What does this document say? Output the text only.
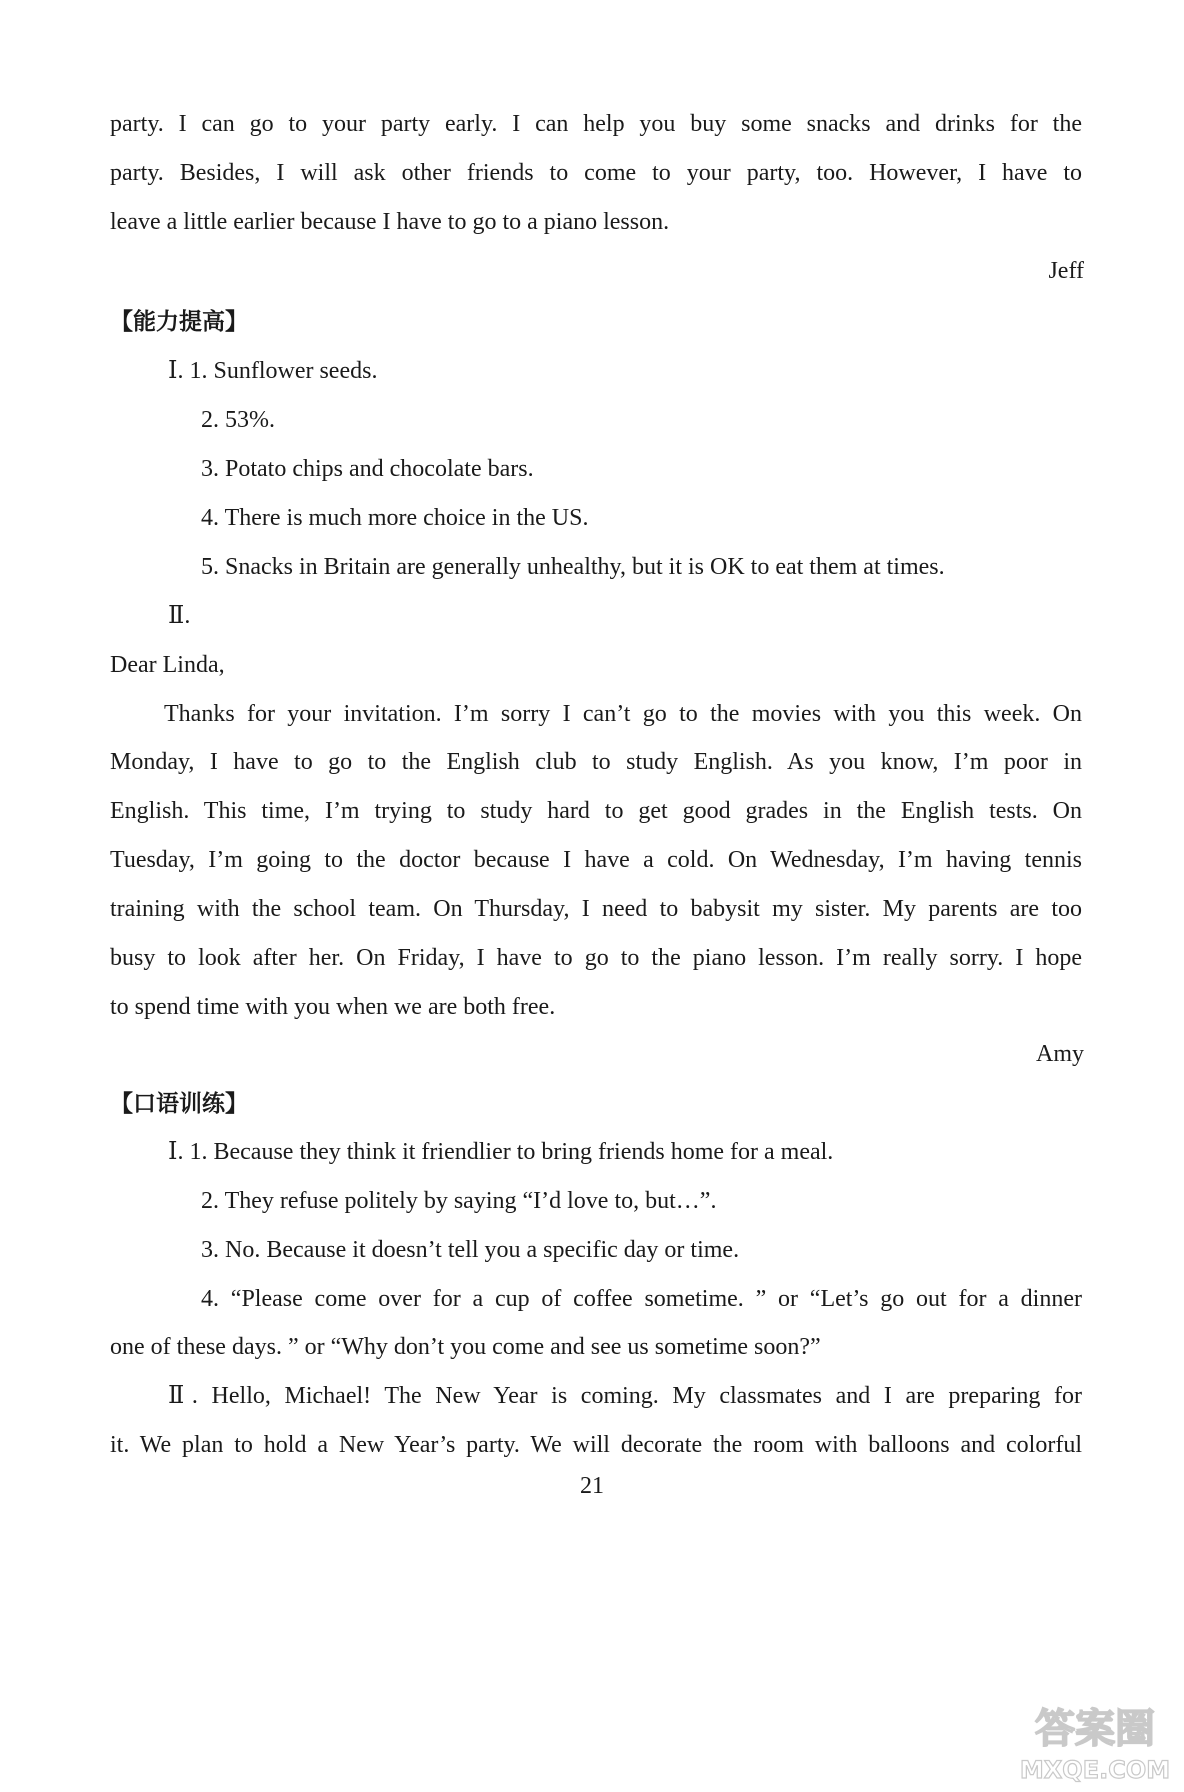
party. I can go to your party early. I can help you buy some snacks and drinks for the
party. Besides, I will ask other friends to come to your party, too. However, I have to
leave a little earlier because I have to go to a piano lesson.
Jeff
【能力提高】
Ⅰ. 1. Sunflower seeds.
2. 53%.
3. Potato chips and chocolate bars.
4. There is much more choice in the US.
5. Snacks in Britain are generally unhealthy, but it is OK to eat them at times.
Ⅱ.
Dear Linda,
Thanks for your invitation. I’m sorry I can’t go to the movies with you this week. On
Monday, I have to go to the English club to study English. As you know, I’m poor in
English. This time, I’m trying to study hard to get good grades in the English tests. On
Tuesday, I’m going to the doctor because I have a cold. On Wednesday, I’m having tennis
training with the school team. On Thursday, I need to babysit my sister. My parents are too
busy to look after her. On Friday, I have to go to the piano lesson. I’m really sorry. I hope
to spend time with you when we are both free.
Amy
【口语训练】
Ⅰ. 1. Because they think it friendlier to bring friends home for a meal.
2. They refuse politely by saying “I’d love to, but…”.
3. No. Because it doesn’t tell you a specific day or time.
4. “Please come over for a cup of coffee sometime. ” or “Let’s go out for a dinner
one of these days. ” or “Why don’t you come and see us sometime soon?”
Ⅱ. Hello, Michael! The New Year is coming. My classmates and I are preparing for
it. We plan to hold a New Year’s party. We will decorate the room with balloons and colorful
21
答案圈
MXQE.COM
